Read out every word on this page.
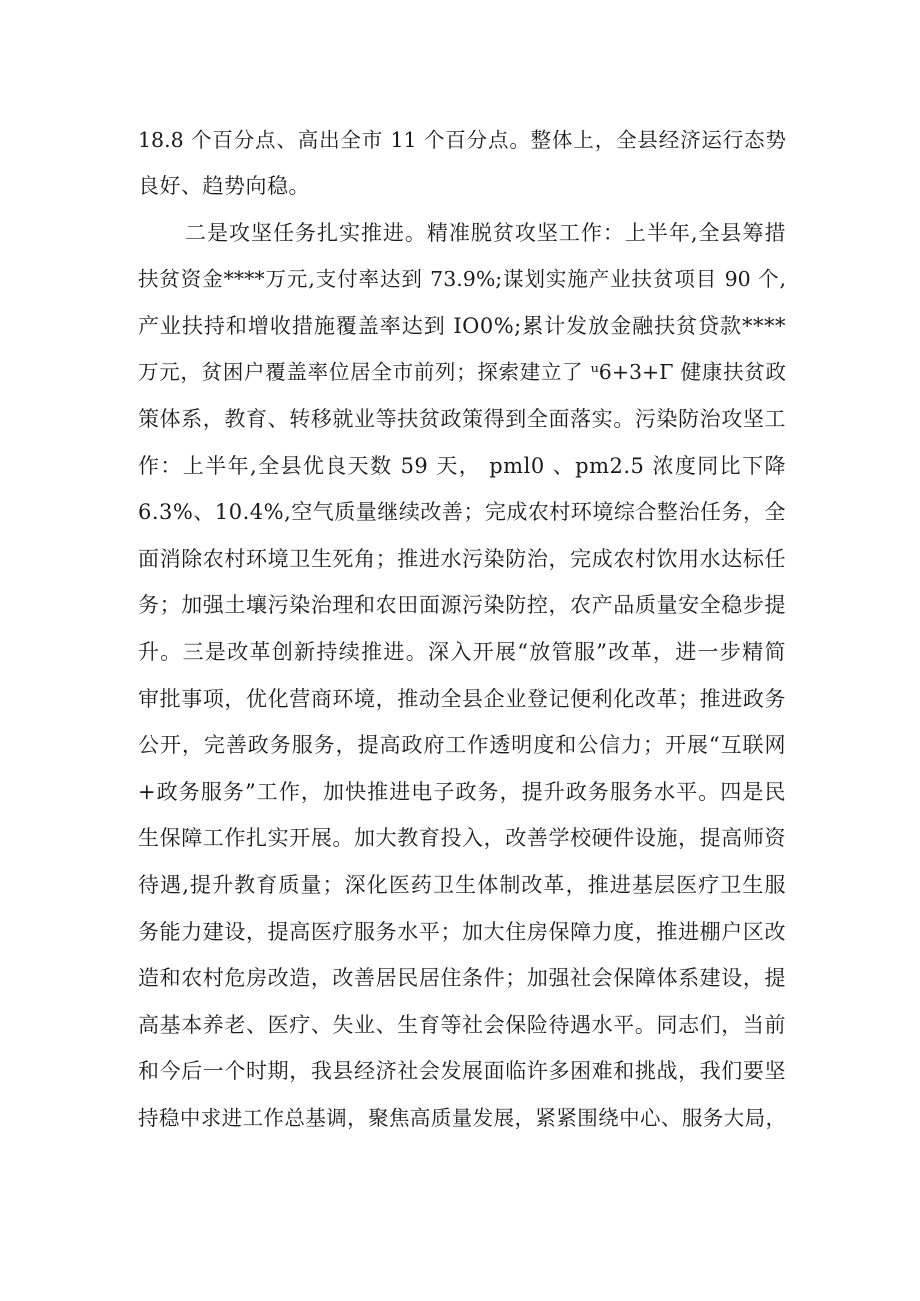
18.8 个百分点、高出全市 11 个百分点。整体上，全县经济运行态势
良好、趋势向稳。
二是攻坚任务扎实推进。精准脱贫攻坚工作：上半年,全县筹措
扶贫资金****万元,支付率达到 73.9%;谋划实施产业扶贫项目 90 个,
产业扶持和增收措施覆盖率达到 IO0%;累计发放金融扶贫贷款****
万元，贫困户覆盖率位居全市前列；探索建立了 ᵘ6+3+Γ 健康扶贫政
策体系，教育、转移就业等扶贫政策得到全面落实。污染防治攻坚工
作：上半年,全县优良天数 59 天， pml0 、pm2.5 浓度同比下降
6.3%、10.4%,空气质量继续改善；完成农村环境综合整治任务，全
面消除农村环境卫生死角；推进水污染防治，完成农村饮用水达标任
务；加强土壤污染治理和农田面源污染防控，农产品质量安全稳步提
升。三是改革创新持续推进。深入开展“放管服”改革，进一步精简
审批事项，优化营商环境，推动全县企业登记便利化改革；推进政务
公开，完善政务服务，提高政府工作透明度和公信力；开展“互联网
+政务服务”工作，加快推进电子政务，提升政务服务水平。四是民
生保障工作扎实开展。加大教育投入，改善学校硬件设施，提高师资
待遇,提升教育质量；深化医药卫生体制改革，推进基层医疗卫生服
务能力建设，提高医疗服务水平；加大住房保障力度，推进棚户区改
造和农村危房改造，改善居民居住条件；加强社会保障体系建设，提
高基本养老、医疗、失业、生育等社会保险待遇水平。同志们，当前
和今后一个时期，我县经济社会发展面临许多困难和挑战，我们要坚
持稳中求进工作总基调，聚焦高质量发展，紧紧围绕中心、服务大局，
